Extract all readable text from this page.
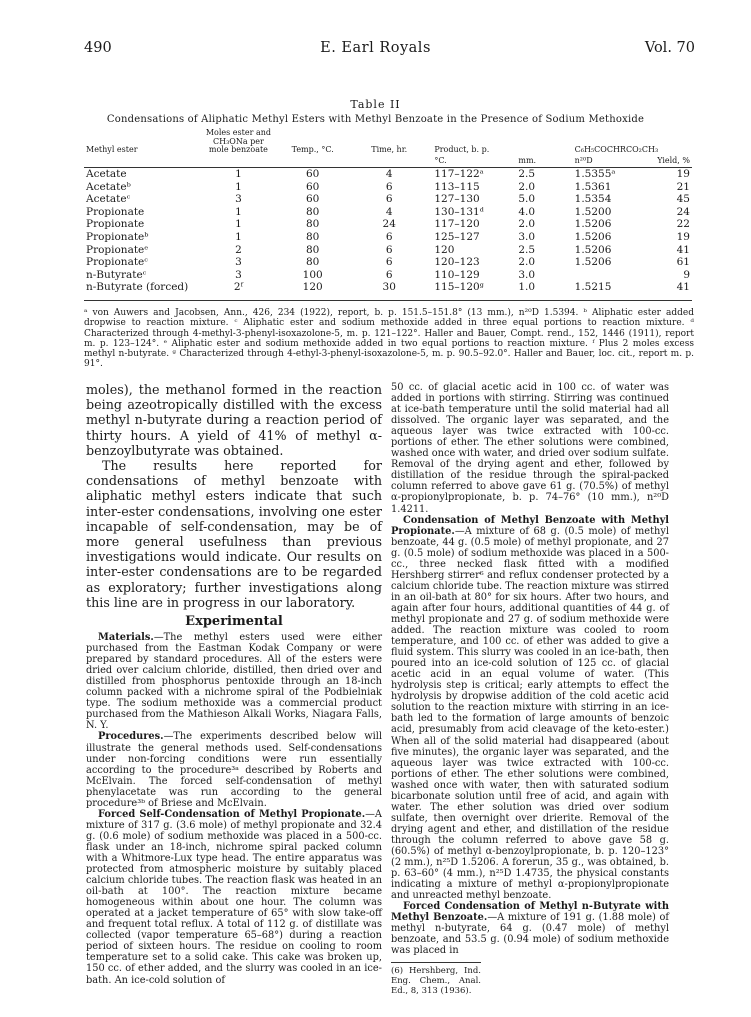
490	E. Earl Royals	Vol. 70
Table II
Condensations of Aliphatic Methyl Esters with Methyl Benzoate in the Presence of Sodium Methoxide
Methyl ester	Moles ester and CH₃ONa per mole benzoate	Temp., °C.	Time, hr.	Product, b. p.		C₆H₅COCHRCO₂CH₃	
				°C.	mm.	n²⁰D	Yield, %
Acetate	1	60	4	117–122ᵃ	2.5	1.5355ᵃ	19
Acetateᵇ	1	60	6	113–115	2.0	1.5361	21
Acetateᶜ	3	60	6	127–130	5.0	1.5354	45
Propionate	1	80	4	130–131ᵈ	4.0	1.5200	24
Propionate	1	80	24	117–120	2.0	1.5206	22
Propionateᵇ	1	80	6	125–127	3.0	1.5206	19
Propionateᵉ	2	80	6	120	2.5	1.5206	41
Propionateᶜ	3	80	6	120–123	2.0	1.5206	61
n-Butyrateᶜ	3	100	6	110–129	3.0		9
n-Butyrate (forced)	2ᶠ	120	30	115–120ᵍ	1.0	1.5215	41
ᵃ von Auwers and Jacobsen, Ann., 426, 234 (1922), report, b. p. 151.5–151.8° (13 mm.), n²⁰D 1.5394. ᵇ Aliphatic ester added dropwise to reaction mixture. ᶜ Aliphatic ester and sodium methoxide added in three equal portions to reaction mixture. ᵈ Characterized through 4-methyl-3-phenyl-isoxazolone-5, m. p. 121–122°. Haller and Bauer, Compt. rend., 152, 1446 (1911), report m. p. 123–124°. ᵉ Aliphatic ester and sodium methoxide added in two equal portions to reaction mixture. ᶠ Plus 2 moles excess methyl n-butyrate. ᵍ Characterized through 4-ethyl-3-phenyl-isoxazolone-5, m. p. 90.5–92.0°. Haller and Bauer, loc. cit., report m. p. 91°.

moles), the methanol formed in the reaction being azeotropically distilled with the excess methyl n-butyrate during a reaction period of thirty hours. A yield of 41% of methyl α-benzoylbutyrate was obtained.

The results here reported for condensations of methyl benzoate with aliphatic methyl esters indicate that such inter-ester condensations, involving one ester incapable of self-condensation, may be of more general usefulness than previous investigations would indicate. Our results on inter-ester condensations are to be regarded as exploratory; further investigations along this line are in progress in our laboratory.

Experimental

Materials.—The methyl esters used were either purchased from the Eastman Kodak Company or were prepared by standard procedures. All of the esters were dried over calcium chloride, distilled, then dried over and distilled from phosphorus pentoxide through an 18-inch column packed with a nichrome spiral of the Podbielniak type. The sodium methoxide was a commercial product purchased from the Mathieson Alkali Works, Niagara Falls, N. Y.

Procedures.—The experiments described below will illustrate the general methods used. Self-condensations under non-forcing conditions were run essentially according to the procedure³ᵃ described by Roberts and McElvain. The forced self-condensation of methyl phenylacetate was run according to the general procedure³ᵇ of Briese and McElvain.

Forced Self-Condensation of Methyl Propionate.—A mixture of 317 g. (3.6 mole) of methyl propionate and 32.4 g. (0.6 mole) of sodium methoxide was placed in a 500-cc. flask under an 18-inch, nichrome spiral packed column with a Whitmore-Lux type head. The entire apparatus was protected from atmospheric moisture by suitably placed calcium chloride tubes. The reaction flask was heated in an oil-bath at 100°. The reaction mixture became homogeneous within about one hour. The column was operated at a jacket temperature of 65° with slow take-off and frequent total reflux. A total of 112 g. of distillate was collected (vapor temperature 65–68°) during a reaction period of sixteen hours. The residue on cooling to room temperature set to a solid cake. This cake was broken up, 150 cc. of ether added, and the slurry was cooled in an ice-bath. An ice-cold solution of

50 cc. of glacial acetic acid in 100 cc. of water was added in portions with stirring. Stirring was continued at ice-bath temperature until the solid material had all dissolved. The organic layer was separated, and the aqueous layer was twice extracted with 100-cc. portions of ether. The ether solutions were combined, washed once with water, and dried over sodium sulfate. Removal of the drying agent and ether, followed by distillation of the residue through the spiral-packed column referred to above gave 61 g. (70.5%) of methyl α-propionylpropionate, b. p. 74–76° (10 mm.), n²⁰D 1.4211.

Condensation of Methyl Benzoate with Methyl Propionate.—A mixture of 68 g. (0.5 mole) of methyl benzoate, 44 g. (0.5 mole) of methyl propionate, and 27 g. (0.5 mole) of sodium methoxide was placed in a 500-cc., three necked flask fitted with a modified Hershberg stirrer⁶ and reflux condenser protected by a calcium chloride tube. The reaction mixture was stirred in an oil-bath at 80° for six hours. After two hours, and again after four hours, additional quantities of 44 g. of methyl propionate and 27 g. of sodium methoxide were added. The reaction mixture was cooled to room temperature, and 100 cc. of ether was added to give a fluid system. This slurry was cooled in an ice-bath, then poured into an ice-cold solution of 125 cc. of glacial acetic acid in an equal volume of water. (This hydrolysis step is critical; early attempts to effect the hydrolysis by dropwise addition of the cold acetic acid solution to the reaction mixture with stirring in an ice-bath led to the formation of large amounts of benzoic acid, presumably from acid cleavage of the keto-ester.) When all of the solid material had disappeared (about five minutes), the organic layer was separated, and the aqueous layer was twice extracted with 100-cc. portions of ether. The ether solutions were combined, washed once with water, then with saturated sodium bicarbonate solution until free of acid, and again with water. The ether solution was dried over sodium sulfate, then overnight over drierite. Removal of the drying agent and ether, and distillation of the residue through the column referred to above gave 58 g. (60.5%) of methyl α-benzoylpropionate, b. p. 120–123° (2 mm.), n²⁵D 1.5206. A forerun, 35 g., was obtained, b. p. 63–60° (4 mm.), n²⁵D 1.4735, the physical constants indicating a mixture of methyl α-propionylpropionate and unreacted methyl benzoate.

Forced Condensation of Methyl n-Butyrate with Methyl Benzoate.—A mixture of 191 g. (1.88 mole) of methyl n-butyrate, 64 g. (0.47 mole) of methyl benzoate, and 53.5 g. (0.94 mole) of sodium methoxide was placed in

(6) Hershberg, Ind. Eng. Chem., Anal. Ed., 8, 313 (1936).
